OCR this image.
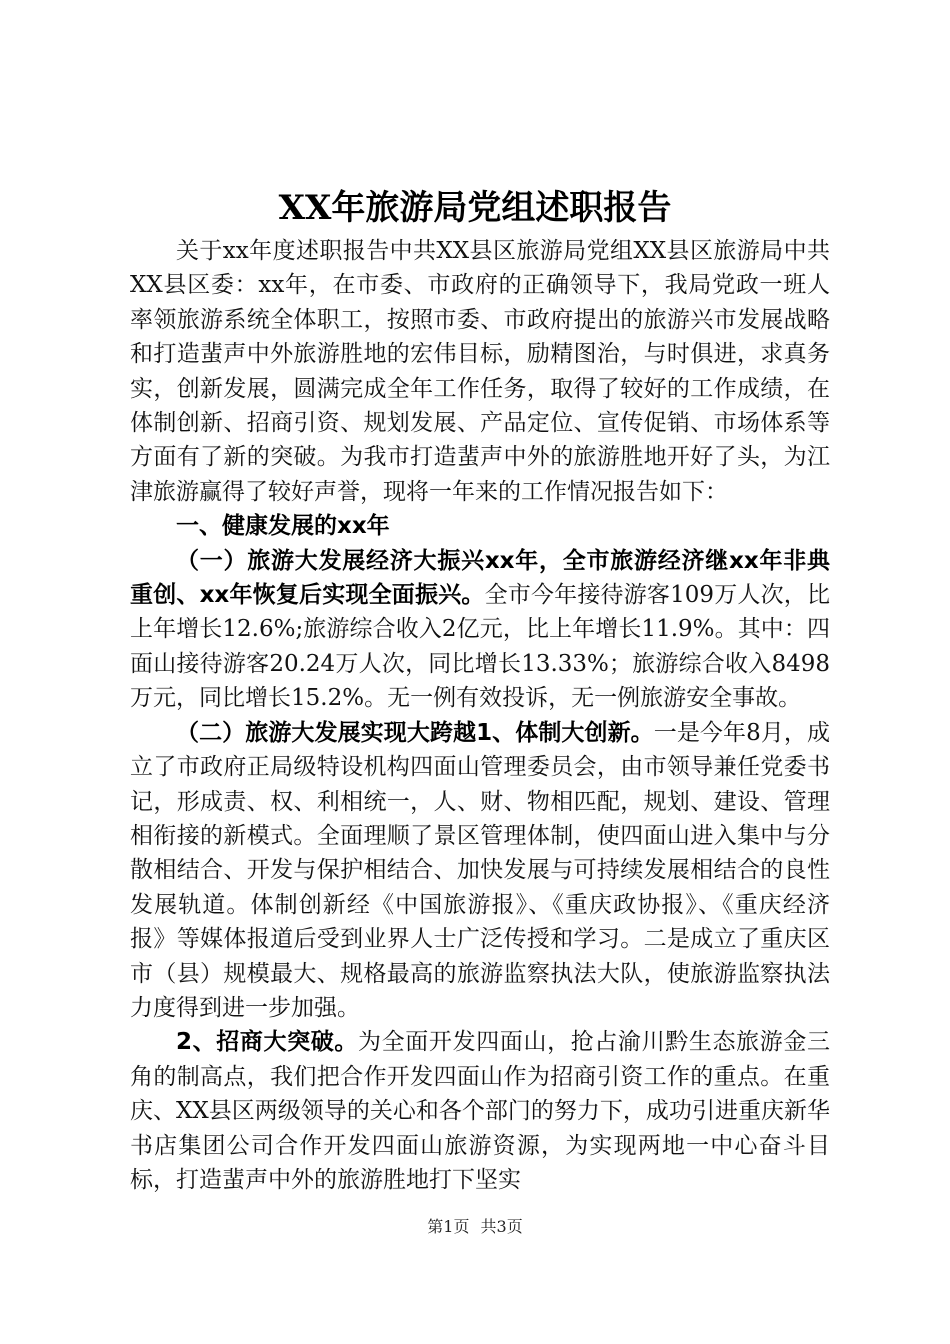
XX年旅游局党组述职报告

关于xx年度述职报告中共XX县区旅游局党组XX县区旅游局中共XX县区委：xx年，在市委、市政府的正确领导下，我局党政一班人率领旅游系统全体职工，按照市委、市政府提出的旅游兴市发展战略和打造蜚声中外旅游胜地的宏伟目标，励精图治，与时俱进，求真务实，创新发展，圆满完成全年工作任务，取得了较好的工作成绩，在体制创新、招商引资、规划发展、产品定位、宣传促销、市场体系等方面有了新的突破。为我市打造蜚声中外的旅游胜地开好了头，为江津旅游赢得了较好声誉，现将一年来的工作情况报告如下：

一、健康发展的xx年

（一）旅游大发展经济大振兴xx年，全市旅游经济继xx年非典重创、xx年恢复后实现全面振兴。全市今年接待游客109万人次，比上年增长12.6%;旅游综合收入2亿元，比上年增长11.9%。其中：四面山接待游客20.24万人次，同比增长13.33%；旅游综合收入8498万元，同比增长15.2%。无一例有效投诉，无一例旅游安全事故。

（二）旅游大发展实现大跨越1、体制大创新。一是今年8月，成立了市政府正局级特设机构四面山管理委员会，由市领导兼任党委书记，形成责、权、利相统一，人、财、物相匹配，规划、建设、管理相衔接的新模式。全面理顺了景区管理体制，使四面山进入集中与分散相结合、开发与保护相结合、加快发展与可持续发展相结合的良性发展轨道。体制创新经《中国旅游报》、《重庆政协报》、《重庆经济报》等媒体报道后受到业界人士广泛传授和学习。二是成立了重庆区市（县）规模最大、规格最高的旅游监察执法大队，使旅游监察执法力度得到进一步加强。

2、招商大突破。为全面开发四面山，抢占渝川黔生态旅游金三角的制高点，我们把合作开发四面山作为招商引资工作的重点。在重庆、XX县区两级领导的关心和各个部门的努力下，成功引进重庆新华书店集团公司合作开发四面山旅游资源，为实现两地一中心奋斗目标，打造蜚声中外的旅游胜地打下坚实

第1页 共3页
